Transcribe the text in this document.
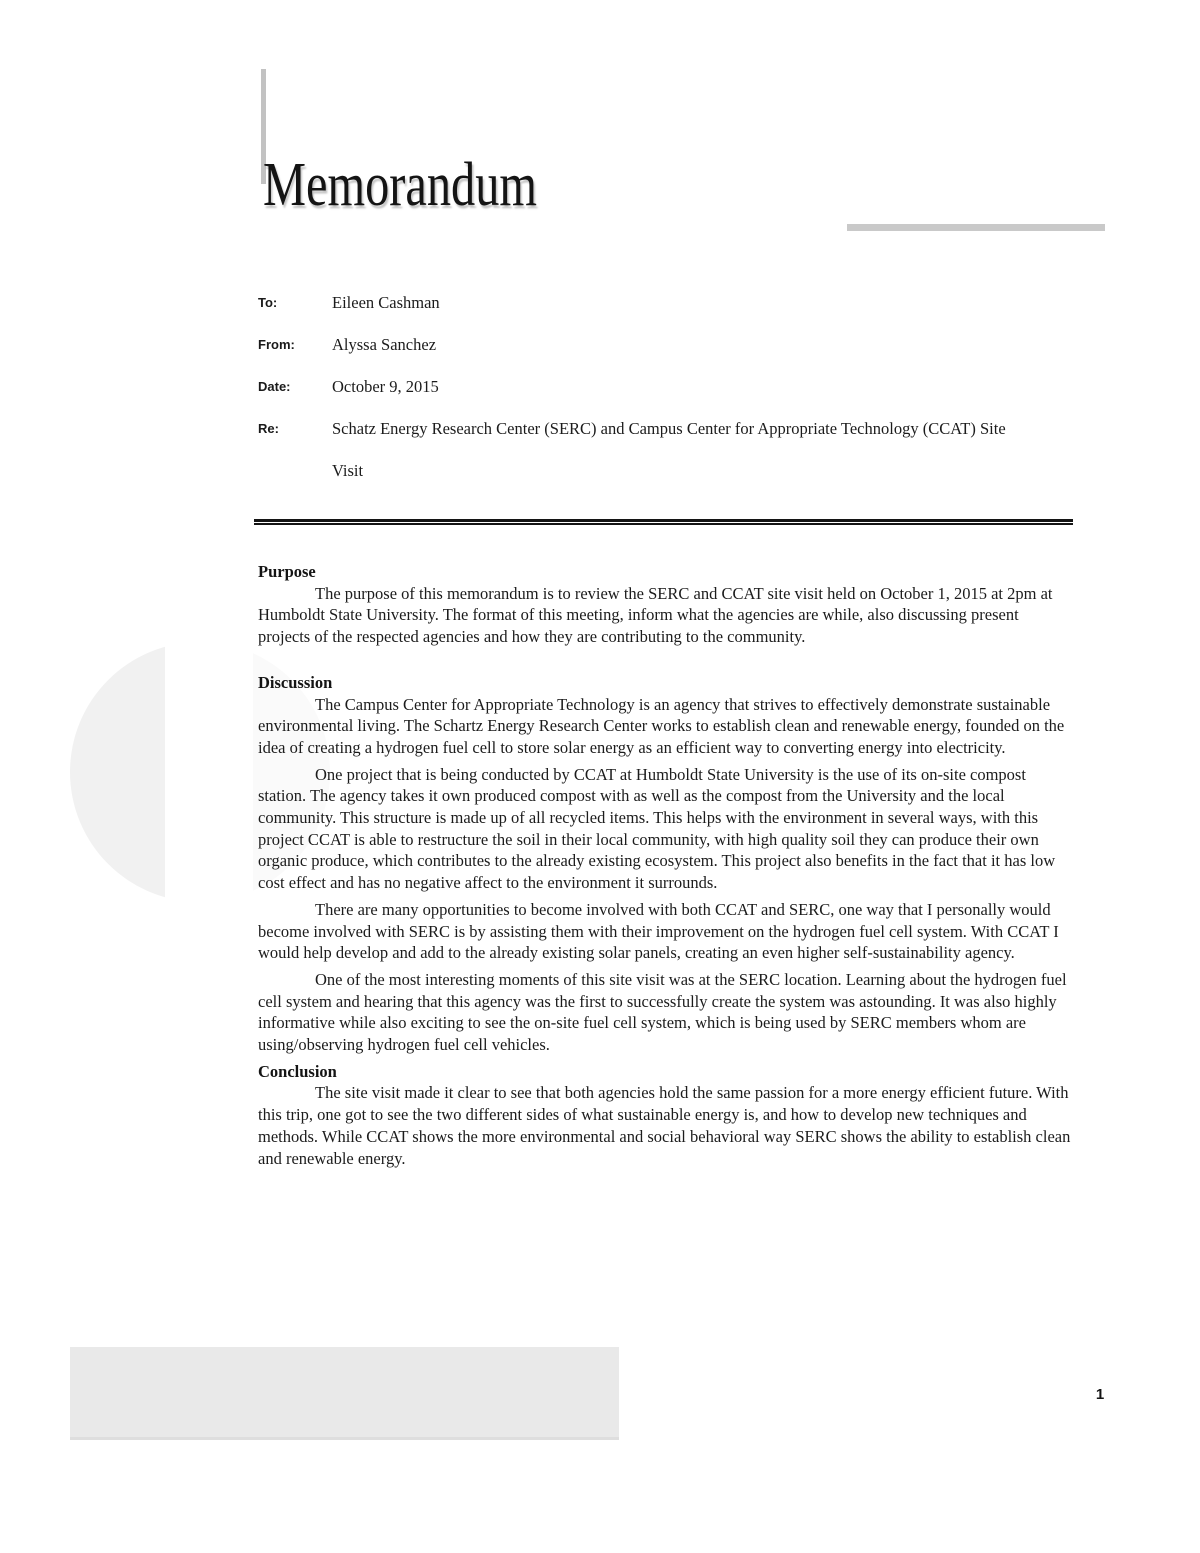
Memorandum
To:	Eileen Cashman
From:	Alyssa Sanchez
Date:	October 9, 2015
Re:	Schatz Energy Research Center (SERC) and Campus Center for Appropriate Technology (CCAT) Site Visit
Purpose

The purpose of this memorandum is to review the SERC and CCAT site visit held on October 1, 2015 at 2pm at Humboldt State University. The format of this meeting, inform what the agencies are while, also discussing present projects of the respected agencies and how they are contributing to the community.

Discussion

The Campus Center for Appropriate Technology is an agency that strives to effectively demonstrate sustainable environmental living. The Schartz Energy Research Center works to establish clean and renewable energy, founded on the idea of creating a hydrogen fuel cell to store solar energy as an efficient way to converting energy into electricity.

One project that is being conducted by CCAT at Humboldt State University is the use of its on-site compost station. The agency takes it own produced compost with as well as the compost from the University and the local community. This structure is made up of all recycled items. This helps with the environment in several ways, with this project CCAT is able to restructure the soil in their local community, with high quality soil they can produce their own organic produce, which contributes to the already existing ecosystem. This project also benefits in the fact that it has low cost effect and has no negative affect to the environment it surrounds.

There are many opportunities to become involved with both CCAT and SERC, one way that I personally would become involved with SERC is by assisting them with their improvement on the hydrogen fuel cell system. With CCAT I would help develop and add to the already existing solar panels, creating an even higher self-sustainability agency.

One of the most interesting moments of this site visit was at the SERC location. Learning about the hydrogen fuel cell system and hearing that this agency was the first to successfully create the system was astounding. It was also highly informative while also exciting to see the on-site fuel cell system, which is being used by SERC members whom are using/observing hydrogen fuel cell vehicles.

Conclusion

The site visit made it clear to see that both agencies hold the same passion for a more energy efficient future. With this trip, one got to see the two different sides of what sustainable energy is, and how to develop new techniques and methods. While CCAT shows the more environmental and social behavioral way SERC shows the ability to establish clean and renewable energy.

1
